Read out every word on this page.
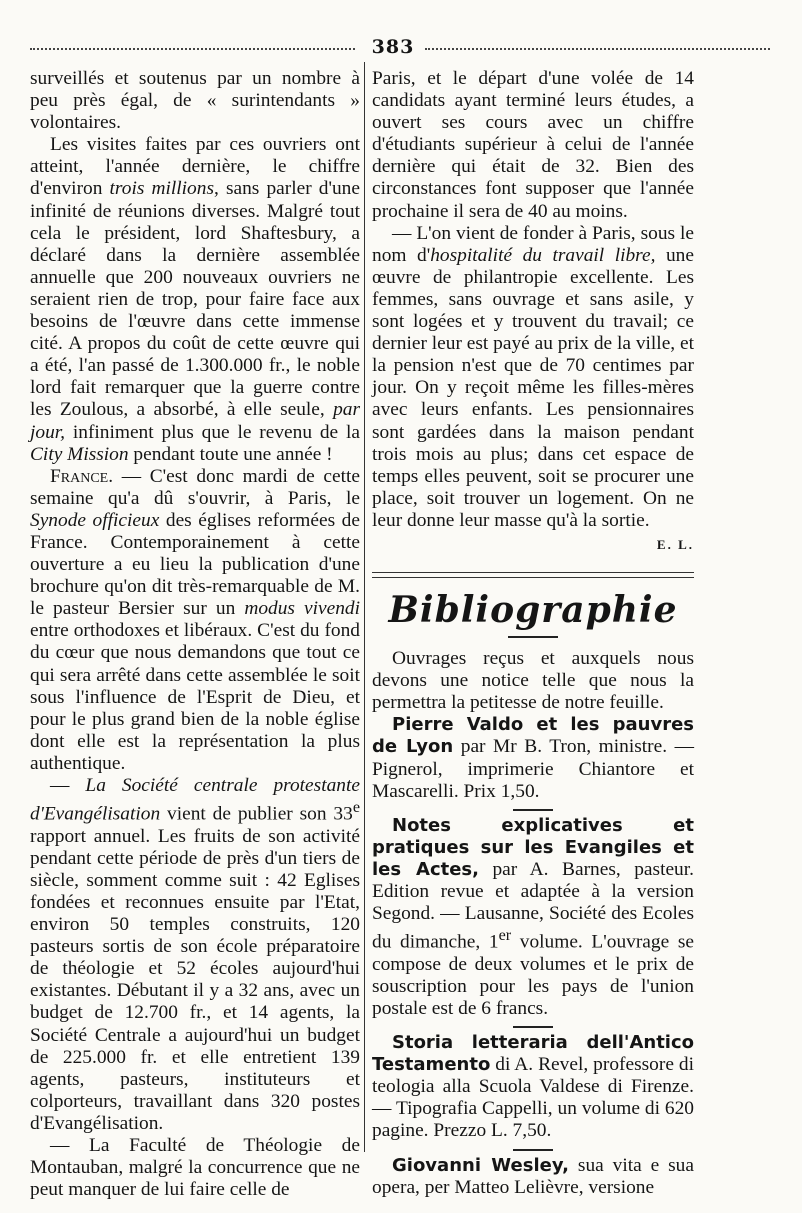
383

surveillés et soutenus par un nombre à peu près égal, de « surintendants » volontaires.

Les visites faites par ces ouvriers ont atteint, l'année dernière, le chiffre d'environ trois millions, sans parler d'une infinité de réunions diverses. Malgré tout cela le président, lord Shaftesbury, a déclaré dans la dernière assemblée annuelle que 200 nouveaux ouvriers ne seraient rien de trop, pour faire face aux besoins de l'œuvre dans cette immense cité. A propos du coût de cette œuvre qui a été, l'an passé de 1.300.000 fr., le noble lord fait remarquer que la guerre contre les Zoulous, a absorbé, à elle seule, par jour, infiniment plus que le revenu de la City Mission pendant toute une année !

France. — C'est donc mardi de cette semaine qu'a dû s'ouvrir, à Paris, le Synode officieux des églises reformées de France. Contemporainement à cette ouverture a eu lieu la publication d'une brochure qu'on dit très-remarquable de M. le pasteur Bersier sur un modus vivendi entre orthodoxes et libéraux. C'est du fond du cœur que nous demandons que tout ce qui sera arrêté dans cette assemblée le soit sous l'influence de l'Esprit de Dieu, et pour le plus grand bien de la noble église dont elle est la représentation la plus authentique.

— La Société centrale protestante d'Evangélisation vient de publier son 33e rapport annuel. Les fruits de son activité pendant cette période de près d'un tiers de siècle, somment comme suit : 42 Eglises fondées et reconnues ensuite par l'Etat, environ 50 temples construits, 120 pasteurs sortis de son école préparatoire de théologie et 52 écoles aujourd'hui existantes. Débutant il y a 32 ans, avec un budget de 12.700 fr., et 14 agents, la Société Centrale a aujourd'hui un budget de 225.000 fr. et elle entretient 139 agents, pasteurs, instituteurs et colporteurs, travaillant dans 320 postes d'Evangélisation.

— La Faculté de Théologie de Montauban, malgré la concurrence que ne peut manquer de lui faire celle de

Paris, et le départ d'une volée de 14 candidats ayant terminé leurs études, a ouvert ses cours avec un chiffre d'étudiants supérieur à celui de l'année dernière qui était de 32. Bien des circonstances font supposer que l'année prochaine il sera de 40 au moins.

— L'on vient de fonder à Paris, sous le nom d'hospitalité du travail libre, une œuvre de philantropie excellente. Les femmes, sans ouvrage et sans asile, y sont logées et y trouvent du travail; ce dernier leur est payé au prix de la ville, et la pension n'est que de 70 centimes par jour. On y reçoit même les filles-mères avec leurs enfants. Les pensionnaires sont gardées dans la maison pendant trois mois au plus; dans cet espace de temps elles peuvent, soit se procurer une place, soit trouver un logement. On ne leur donne leur masse qu'à la sortie.

E. L.

Bibliographie

Ouvrages reçus et auxquels nous devons une notice telle que nous la permettra la petitesse de notre feuille.

Pierre Valdo et les pauvres de Lyon par Mr B. Tron, ministre. — Pignerol, imprimerie Chiantore et Mascarelli. Prix 1,50.

Notes explicatives et pratiques sur les Evangiles et les Actes, par A. Barnes, pasteur. Edition revue et adaptée à la version Segond. — Lausanne, Société des Ecoles du dimanche, 1er volume. L'ouvrage se compose de deux volumes et le prix de souscription pour les pays de l'union postale est de 6 francs.

Storia letteraria dell'Antico Testamento di A. Revel, professore di teologia alla Scuola Valdese di Firenze. — Tipografia Cappelli, un volume di 620 pagine. Prezzo L. 7,50.

Giovanni Wesley, sua vita e sua opera, per Matteo Lelièvre, versione
